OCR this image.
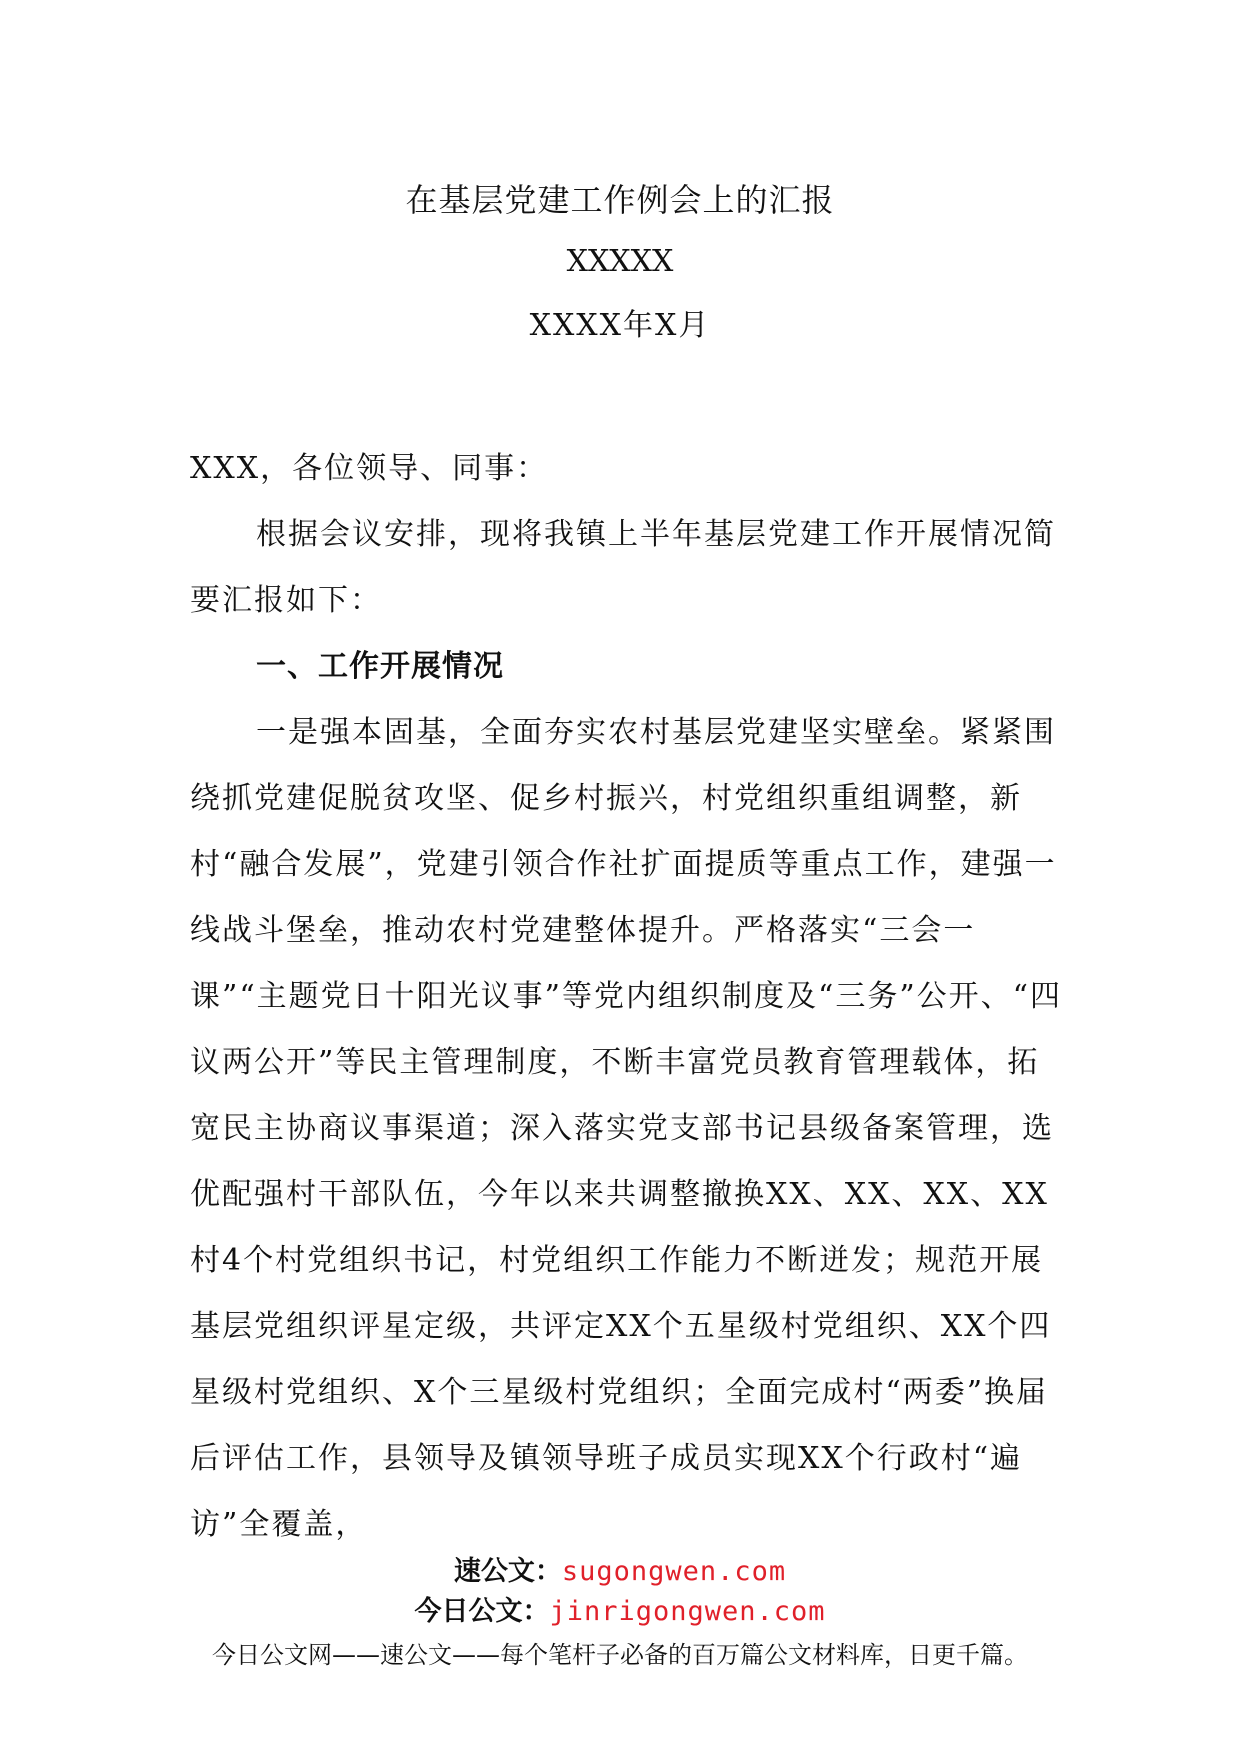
在基层党建工作例会上的汇报
XXXXX
XXXX年X月

XXX，各位领导、同事：

根据会议安排，现将我镇上半年基层党建工作开展情况简要汇报如下：

一、工作开展情况

一是强本固基，全面夯实农村基层党建坚实壁垒。紧紧围绕抓党建促脱贫攻坚、促乡村振兴，村党组织重组调整，新村“融合发展”，党建引领合作社扩面提质等重点工作，建强一线战斗堡垒，推动农村党建整体提升。严格落实“三会一课”“主题党日十阳光议事”等党内组织制度及“三务”公开、“四议两公开”等民主管理制度，不断丰富党员教育管理载体，拓宽民主协商议事渠道；深入落实党支部书记县级备案管理，选优配强村干部队伍，今年以来共调整撤换XX、XX、XX、XX村4个村党组织书记，村党组织工作能力不断迸发；规范开展基层党组织评星定级，共评定XX个五星级村党组织、XX个四星级村党组织、X个三星级村党组织；全面完成村“两委”换届后评估工作，县领导及镇领导班子成员实现XX个行政村“遍访”全覆盖，

速公文：sugongwen.com
今日公文：jinrigongwen.com
今日公文网——速公文——每个笔杆子必备的百万篇公文材料库，日更千篇。
